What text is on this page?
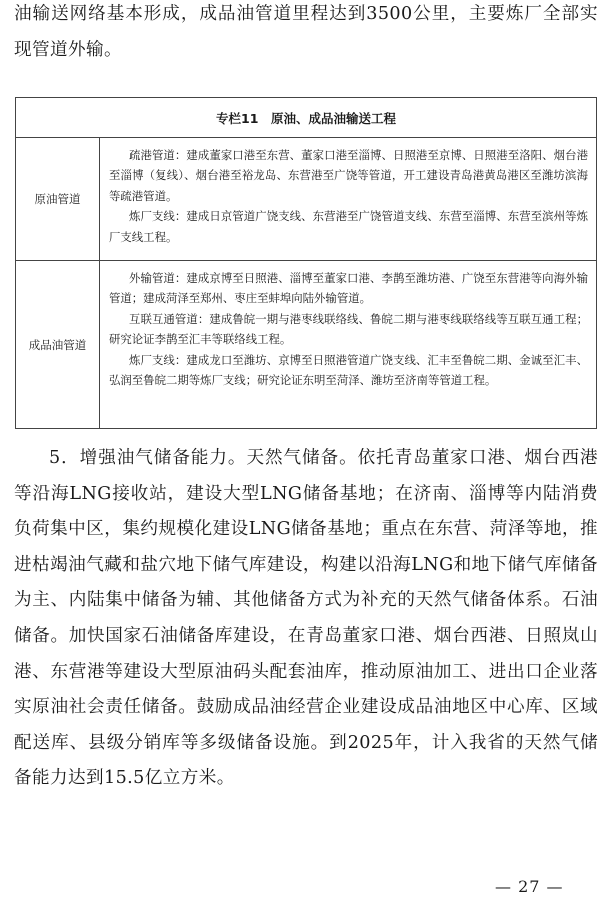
油输送网络基本形成，成品油管道里程达到3500公里，主要炼厂全部实现管道外输。

专栏11　原油、成品油输送工程
原油管道

疏港管道：建成董家口港至东营、董家口港至淄博、日照港至京博、日照港至洛阳、烟台港至淄博（复线）、烟台港至裕龙岛、东营港至广饶等管道，开工建设青岛港黄岛港区至潍坊滨海等疏港管道。

炼厂支线：建成日京管道广饶支线、东营港至广饶管道支线、东营至淄博、东营至滨州等炼厂支线工程。

成品油管道

外输管道：建成京博至日照港、淄博至董家口港、李鹊至潍坊港、广饶至东营港等向海外输管道；建成菏泽至郑州、枣庄至蚌埠向陆外输管道。

互联互通管道：建成鲁皖一期与港枣线联络线、鲁皖二期与港枣线联络线等互联互通工程；研究论证李鹊至汇丰等联络线工程。

炼厂支线：建成龙口至潍坊、京博至日照港管道广饶支线、汇丰至鲁皖二期、金诚至汇丰、弘润至鲁皖二期等炼厂支线；研究论证东明至菏泽、潍坊至济南等管道工程。

5．增强油气储备能力。天然气储备。依托青岛董家口港、烟台西港等沿海LNG接收站，建设大型LNG储备基地；在济南、淄博等内陆消费负荷集中区，集约规模化建设LNG储备基地；重点在东营、菏泽等地，推进枯竭油气藏和盐穴地下储气库建设，构建以沿海LNG和地下储气库储备为主、内陆集中储备为辅、其他储备方式为补充的天然气储备体系。石油储备。加快国家石油储备库建设，在青岛董家口港、烟台西港、日照岚山港、东营港等建设大型原油码头配套油库，推动原油加工、进出口企业落实原油社会责任储备。鼓励成品油经营企业建设成品油地区中心库、区域配送库、县级分销库等多级储备设施。到2025年，计入我省的天然气储备能力达到15.5亿立方米。

— 27 —
